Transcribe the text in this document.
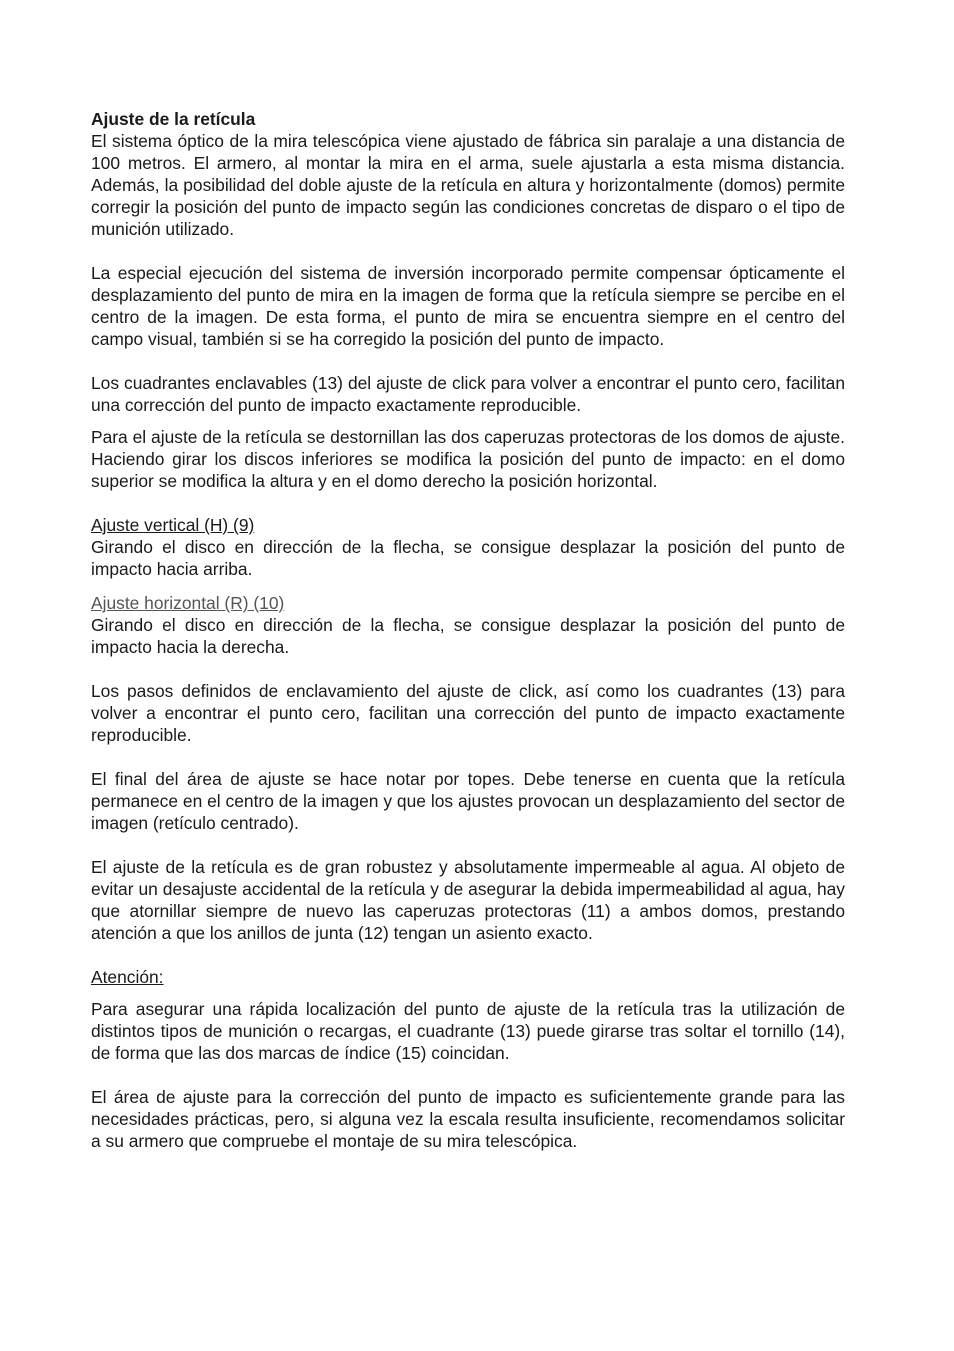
Ajuste de la retícula

El sistema óptico de la mira telescópica viene ajustado de fábrica sin paralaje a una distancia de 100 metros. El armero, al montar la mira en el arma, suele ajustarla a esta misma distancia. Además, la posibilidad del doble ajuste de la retícula en altura y horizontalmente (domos) permite corregir la posición del punto de impacto según las condiciones concretas de disparo o el tipo de munición utilizado.

La especial ejecución del sistema de inversión incorporado permite compensar ópticamente el desplazamiento del punto de mira en la imagen de forma que la retícula siempre se percibe en el centro de la imagen. De esta forma, el punto de mira se encuentra siempre en el centro del campo visual, también si se ha corregido la posición del punto de impacto.

Los cuadrantes enclavables (13) del ajuste de click para volver a encontrar el punto cero, facilitan una corrección del punto de impacto exactamente reproducible.

Para el ajuste de la retícula se destornillan las dos caperuzas protectoras de los domos de ajuste. Haciendo girar los discos inferiores se modifica la posición del punto de impacto: en el domo superior se modifica la altura y en el domo derecho la posición horizontal.

Ajuste vertical (H) (9)

Girando el disco en dirección de la flecha, se consigue desplazar la posición del punto de impacto hacia arriba.

Ajuste horizontal (R) (10)

Girando el disco en dirección de la flecha, se consigue desplazar la posición del punto de impacto hacia la derecha.

Los pasos definidos de enclavamiento del ajuste de click, así como los cuadrantes (13) para volver a encontrar el punto cero, facilitan una corrección del punto de impacto exactamente reproducible.

El final del área de ajuste se hace notar por topes. Debe tenerse en cuenta que la retícula permanece en el centro de la imagen y que los ajustes provocan un desplazamiento del sector de imagen (retículo centrado).

El ajuste de la retícula es de gran robustez y absolutamente impermeable al agua. Al objeto de evitar un desajuste accidental de la retícula y de asegurar la debida impermeabilidad al agua, hay que atornillar siempre de nuevo las caperuzas protectoras (11) a ambos domos, prestando atención a que los anillos de junta (12) tengan un asiento exacto.

Atención:

Para asegurar una rápida localización del punto de ajuste de la retícula tras la utilización de distintos tipos de munición o recargas, el cuadrante (13) puede girarse tras soltar el tornillo (14), de forma que las dos marcas de índice (15) coincidan.

El área de ajuste para la corrección del punto de impacto es suficientemente grande para las necesidades prácticas, pero, si alguna vez la escala resulta insuficiente, recomendamos solicitar a su armero que compruebe el montaje de su mira telescópica.
